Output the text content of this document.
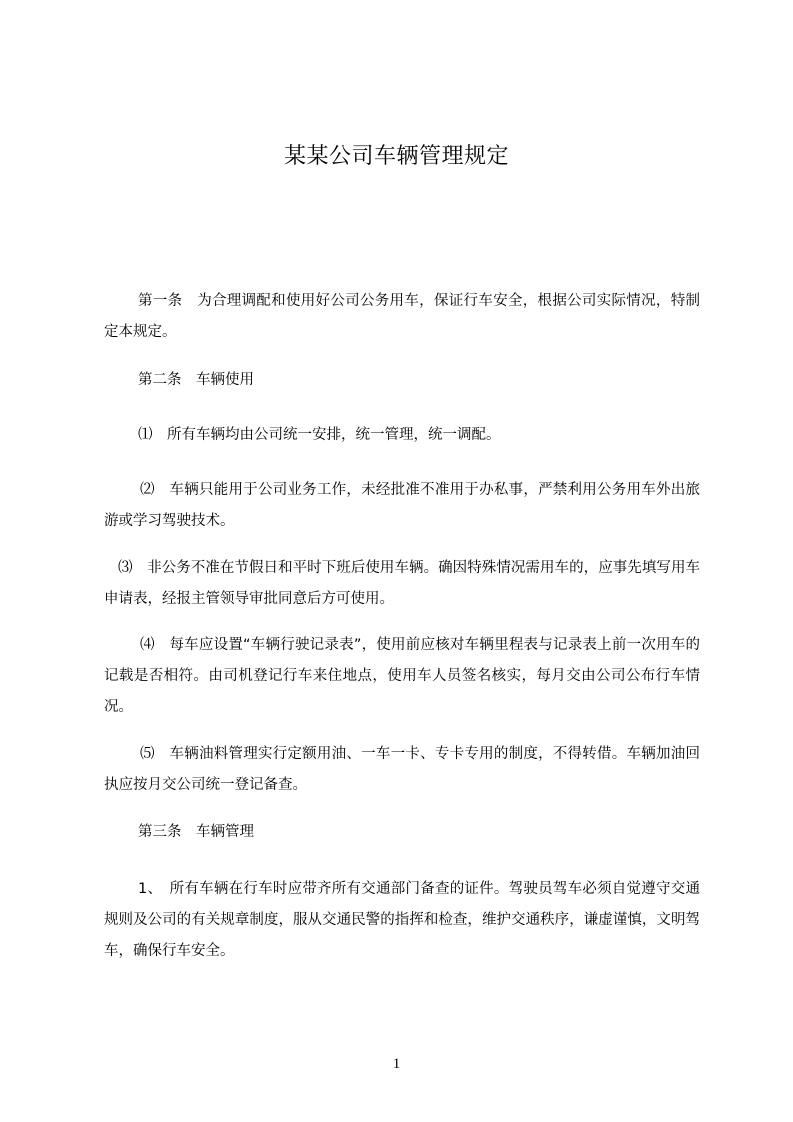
某某公司车辆管理规定
第一条　为合理调配和使用好公司公务用车，保证行车安全，根据公司实际情况，特制定本规定。
第二条　车辆使用
⑴　所有车辆均由公司统一安排，统一管理，统一调配。
⑵　车辆只能用于公司业务工作，未经批准不准用于办私事，严禁利用公务用车外出旅游或学习驾驶技术。
⑶　非公务不准在节假日和平时下班后使用车辆。确因特殊情况需用车的，应事先填写用车申请表，经报主管领导审批同意后方可使用。
⑷　每车应设置“车辆行驶记录表”，使用前应核对车辆里程表与记录表上前一次用车的记载是否相符。由司机登记行车来住地点，使用车人员签名核实，每月交由公司公布行车情况。
⑸　车辆油料管理实行定额用油、一车一卡、专卡专用的制度，不得转借。车辆加油回执应按月交公司统一登记备查。
第三条　车辆管理
1、　所有车辆在行车时应带齐所有交通部门备查的证件。驾驶员驾车必须自觉遵守交通规则及公司的有关规章制度，服从交通民警的指挥和检查，维护交通秩序，谦虚谨慎，文明驾车，确保行车安全。
1
